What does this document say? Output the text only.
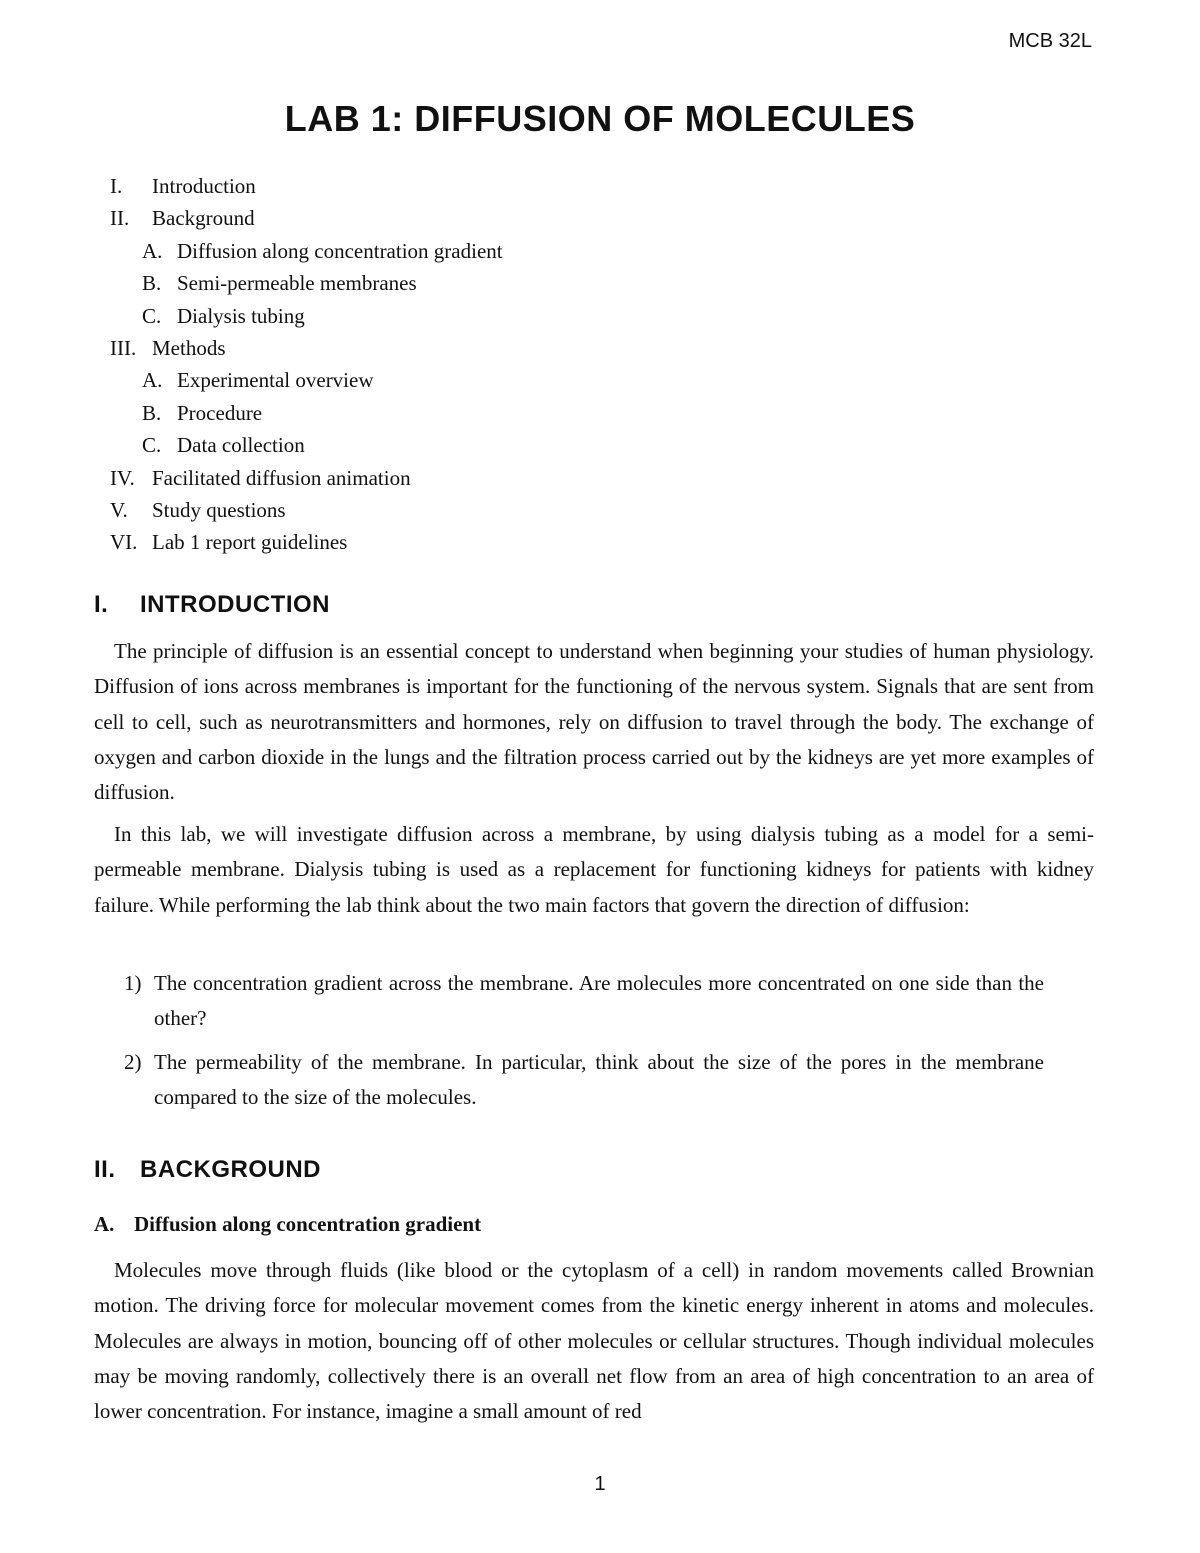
MCB 32L
LAB 1: DIFFUSION OF MOLECULES
I. Introduction
II. Background
A. Diffusion along concentration gradient
B. Semi-permeable membranes
C. Dialysis tubing
III. Methods
A. Experimental overview
B. Procedure
C. Data collection
IV. Facilitated diffusion animation
V. Study questions
VI. Lab 1 report guidelines
I. INTRODUCTION

The principle of diffusion is an essential concept to understand when beginning your studies of human physiology. Diffusion of ions across membranes is important for the functioning of the nervous system. Signals that are sent from cell to cell, such as neurotransmitters and hormones, rely on diffusion to travel through the body. The exchange of oxygen and carbon dioxide in the lungs and the filtration process carried out by the kidneys are yet more examples of diffusion.

In this lab, we will investigate diffusion across a membrane, by using dialysis tubing as a model for a semi-permeable membrane. Dialysis tubing is used as a replacement for functioning kidneys for patients with kidney failure. While performing the lab think about the two main factors that govern the direction of diffusion:

1) The concentration gradient across the membrane. Are molecules more concentrated on one side than the other?
2) The permeability of the membrane. In particular, think about the size of the pores in the membrane compared to the size of the molecules.
II. BACKGROUND
A. Diffusion along concentration gradient

Molecules move through fluids (like blood or the cytoplasm of a cell) in random movements called Brownian motion. The driving force for molecular movement comes from the kinetic energy inherent in atoms and molecules. Molecules are always in motion, bouncing off of other molecules or cellular structures. Though individual molecules may be moving randomly, collectively there is an overall net flow from an area of high concentration to an area of lower concentration. For instance, imagine a small amount of red

1
